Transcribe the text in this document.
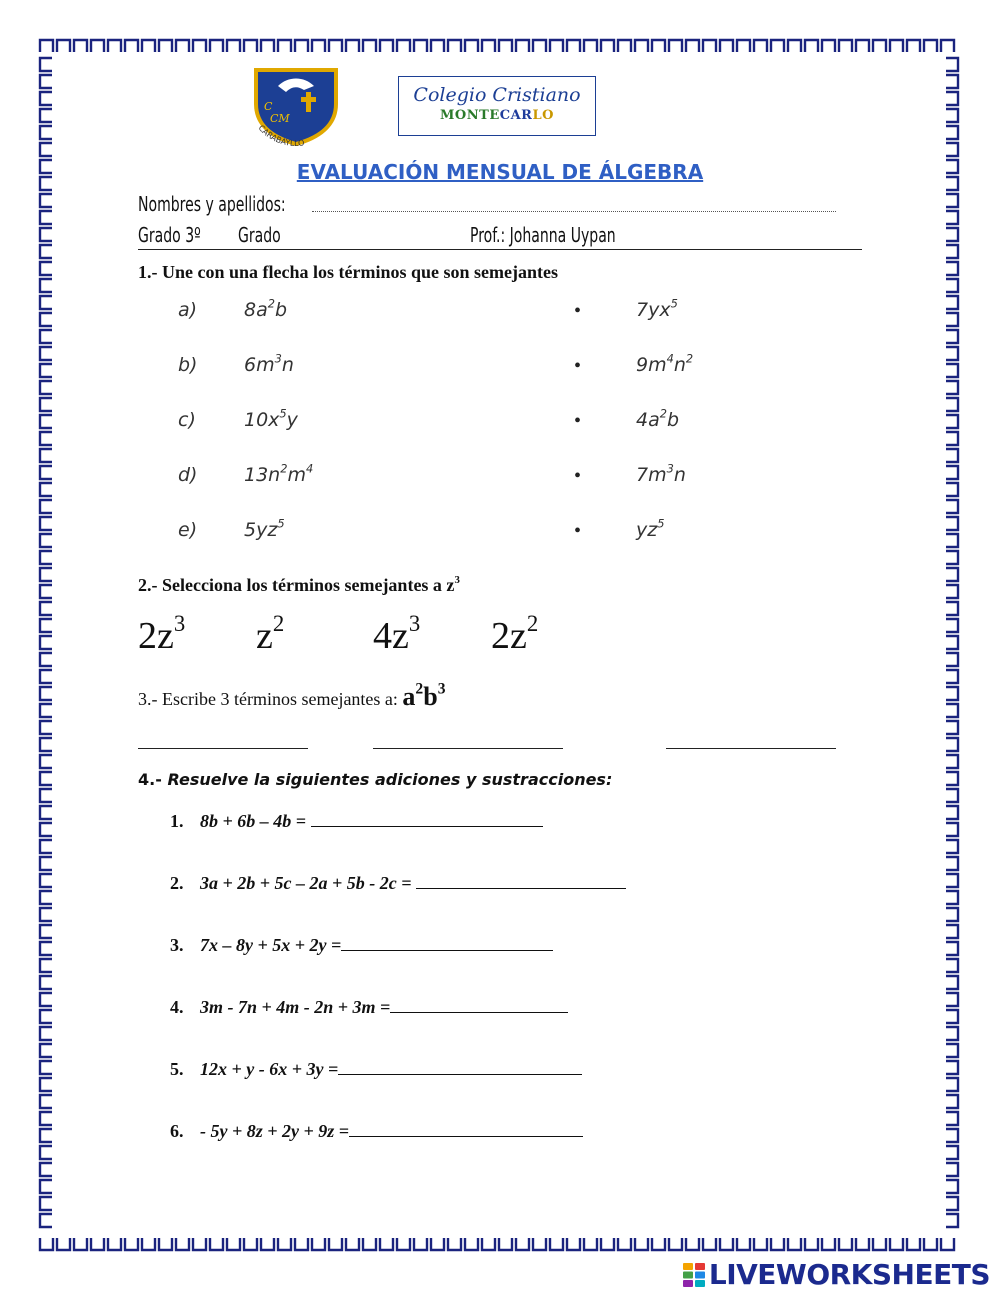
C
CM
CARABAYLLO
Colegio Cristiano
MONTECARLO
EVALUACIÓN MENSUAL DE ÁLGEBRA
Nombres y apellidos:
Grado 3º Grado	Prof.: Johanna Uypan
1.- Une con una flecha los términos que son semejantes
a) $8a^2b$	•	$7yx^5$
b) $6m^3n$	•	$9m^4n^2$
c)	$10x^5y$	•	$4a^2b$
d) $13n^2m^4$	•	$7m^3n$
e) $5yz^5$	•	$yz^5$
2.- Selecciona los términos semejantes a $z^3$
$2z^3$ $z^2$ $4z^3$ $2z^2$
3.- Escribe 3 términos semejantes a: $a^2b^3$
4.- Resuelve la siguientes adiciones y sustracciones:
1. 8b + 6b – 4b =
2. 3a + 2b + 5c – 2a + 5b - 2c =
3. 7x – 8y + 5x + 2y =
4. 3m - 7n + 4m - 2n + 3m =
5. 12x + y - 6x + 3y =
6. - 5y + 8z + 2y + 9z =
LIVEWORKSHEETS
